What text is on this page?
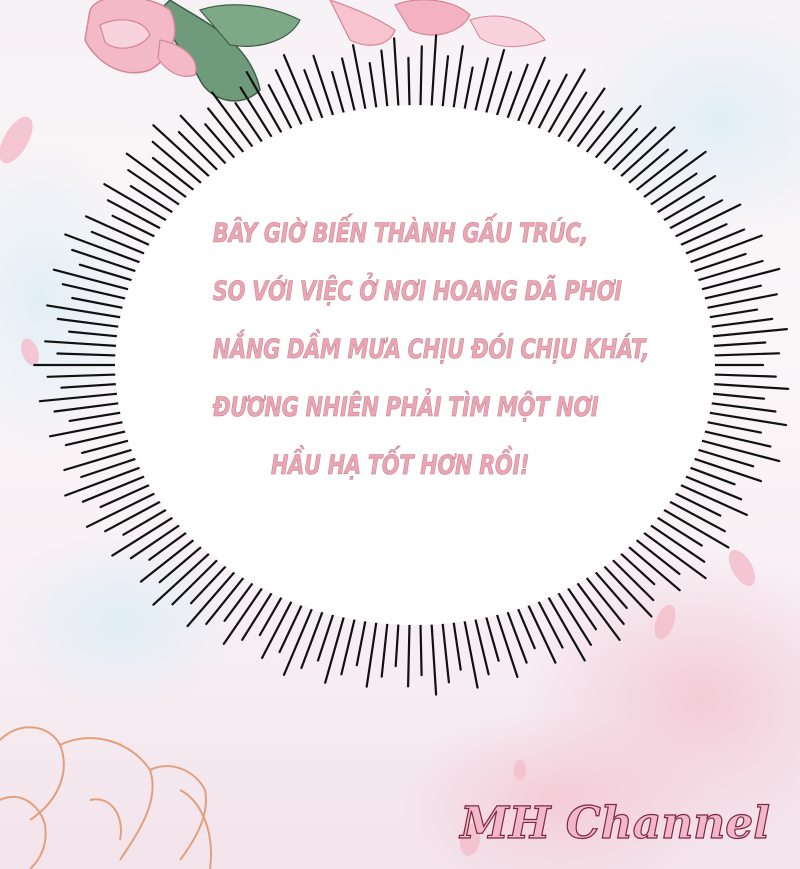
BÂY GIỜ BIẾN THÀNH GẤU TRÚC,
SO VỚI VIỆC Ở NƠI HOANG DÃ PHƠI
NẮNG DẦM MƯA CHỊU ĐÓI CHỊU KHÁT,
ĐƯƠNG NHIÊN PHẢI TÌM MỘT NƠI
HẦU HẠ TỐT HƠN RỒI!
MH Channel
